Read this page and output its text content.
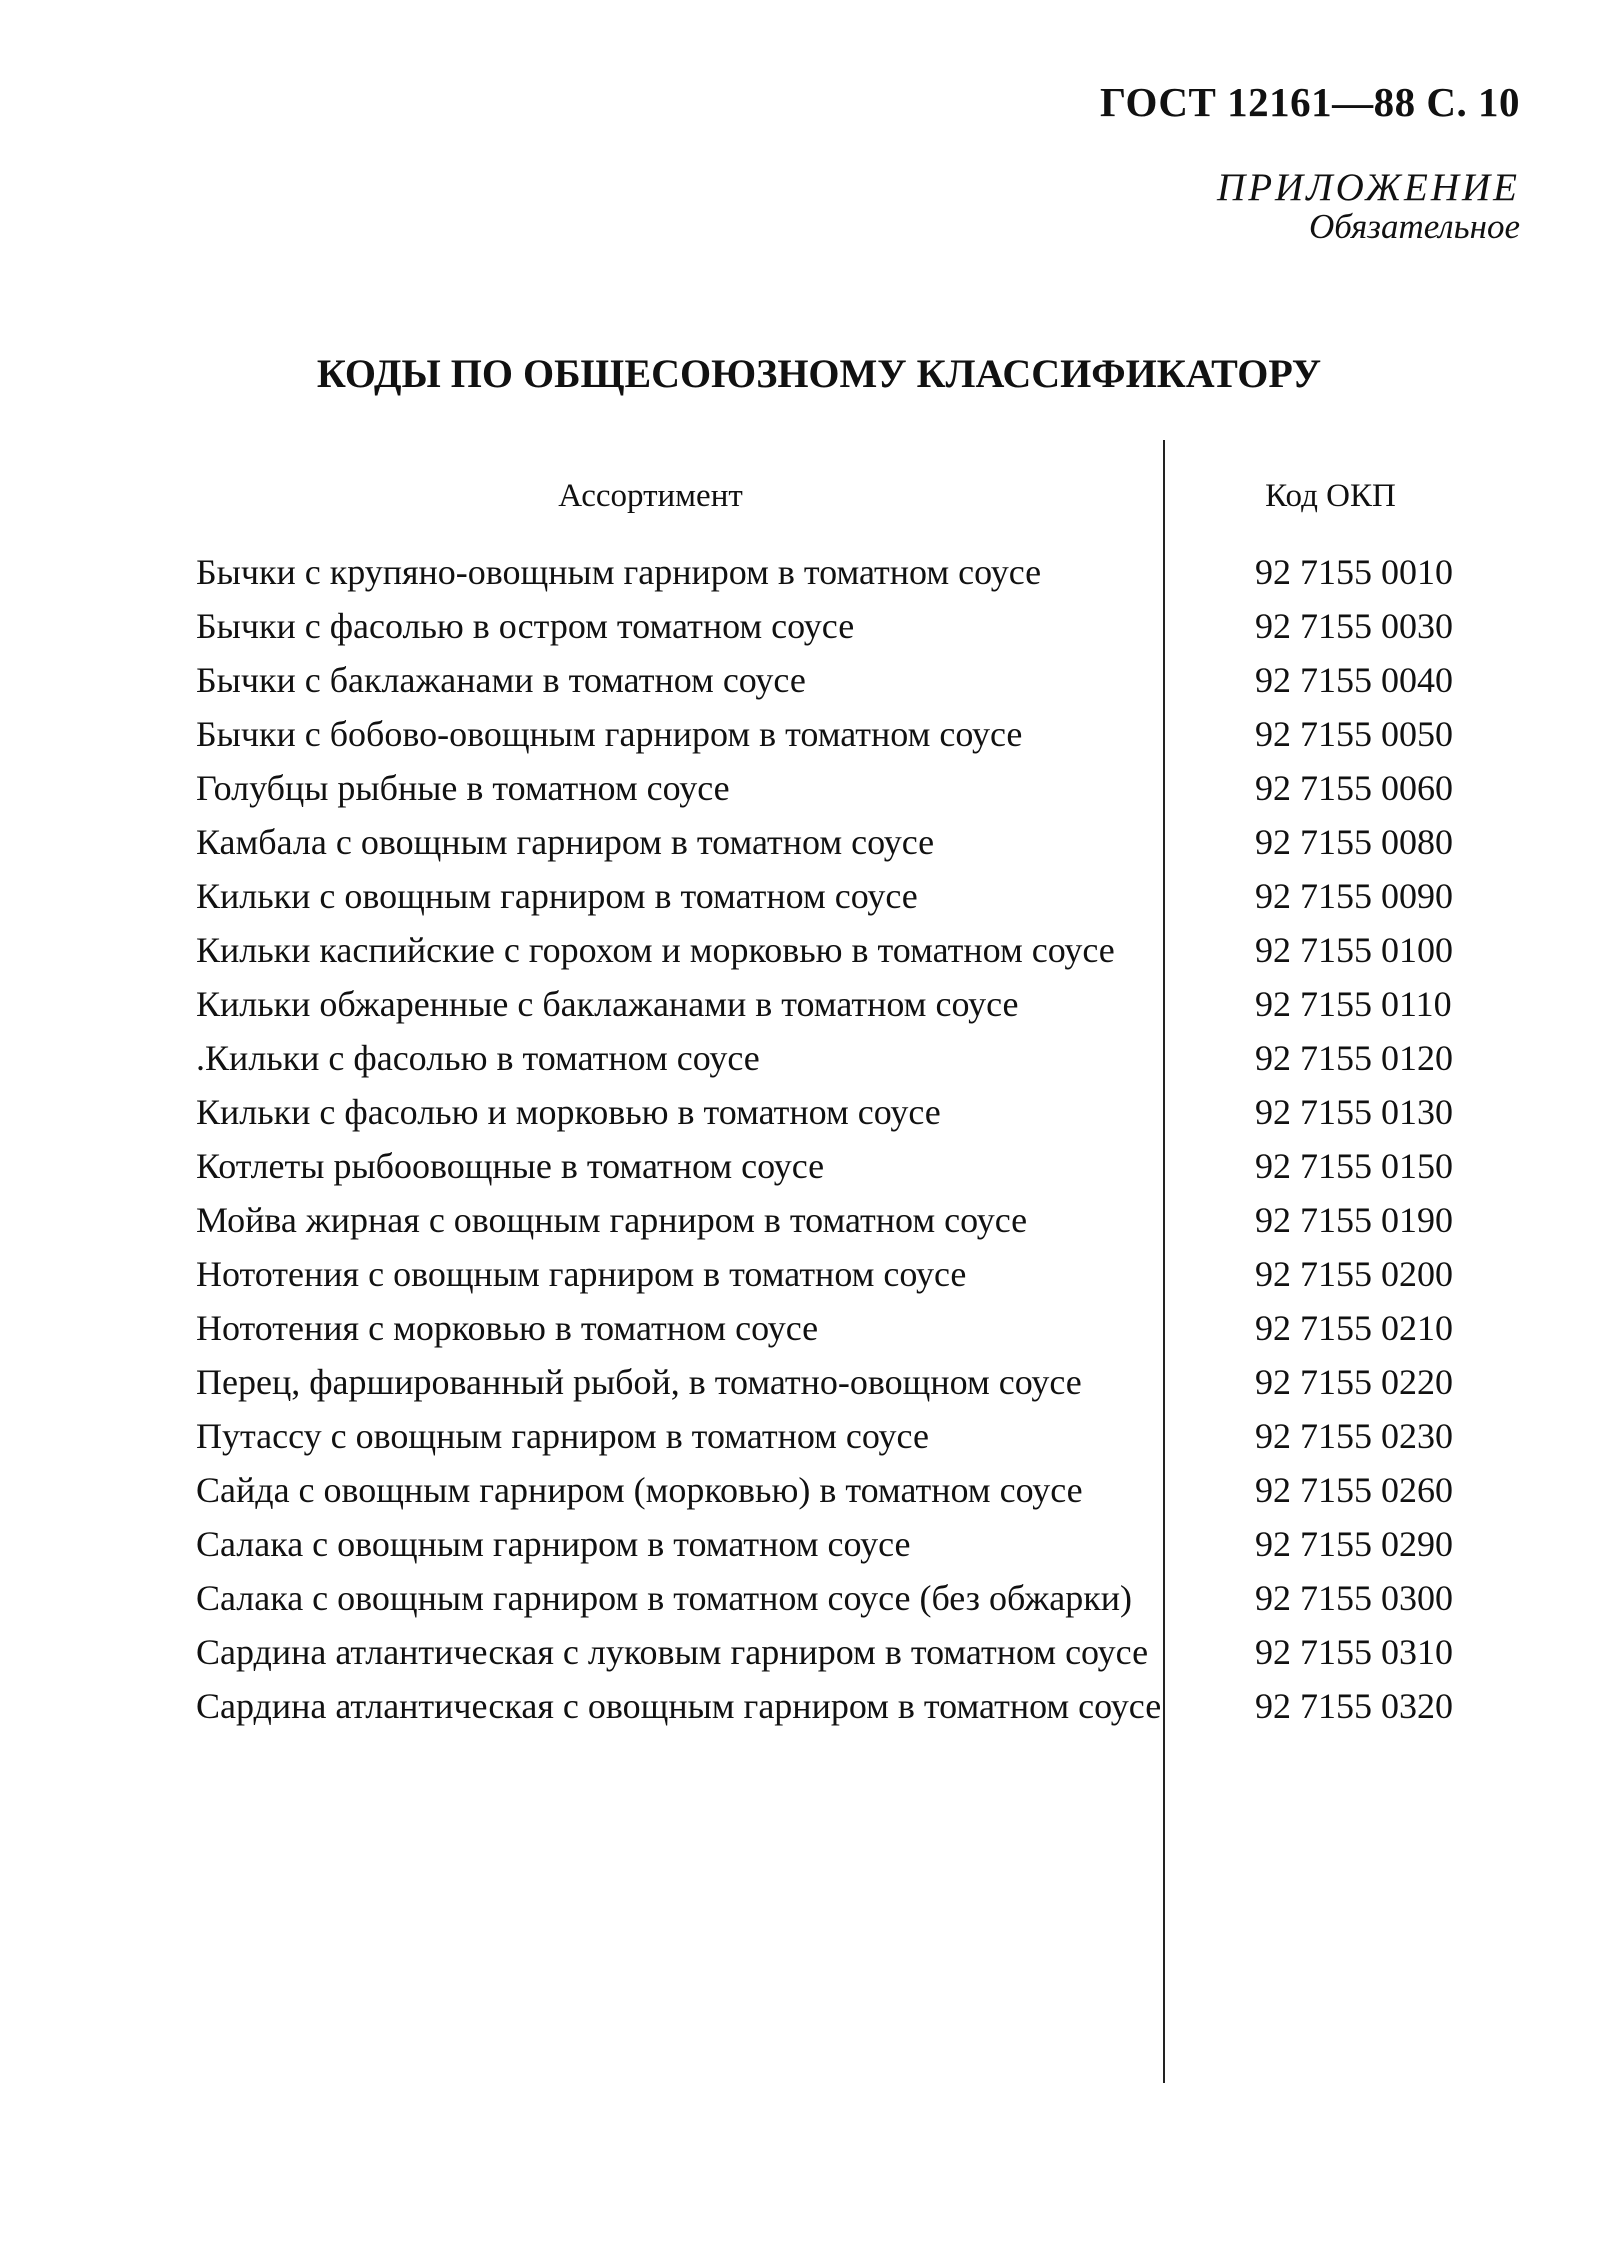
ГОСТ 12161—88 С. 10
ПРИЛОЖЕНИЕ
Обязательное
КОДЫ ПО ОБЩЕСОЮЗНОМУ КЛАССИФИКАТОРУ
Ассортимент	Код ОКП
Бычки с крупяно-овощным гарниром в томатном соусе	92 7155 0010
Бычки с фасолью в остром томатном соусе	92 7155 0030
Бычки с баклажанами в томатном соусе	92 7155 0040
Бычки с бобово-овощным гарниром в томатном соусе	92 7155 0050
Голубцы рыбные в томатном соусе	92 7155 0060
Камбала с овощным гарниром в томатном соусе	92 7155 0080
Кильки с овощным гарниром в томатном соусе	92 7155 0090
Кильки каспийские с горохом и морковью в томатном соусе	92 7155 0100
Кильки обжаренные с баклажанами в томатном соусе	92 7155 0110
.Кильки с фасолью в томатном соусе	92 7155 0120
Кильки с фасолью и морковью в томатном соусе	92 7155 0130
Котлеты рыбоовощные в томатном соусе	92 7155 0150
Мойва жирная с овощным гарниром в томатном соусе	92 7155 0190
Нототения с овощным гарниром в томатном соусе	92 7155 0200
Нототения с морковью в томатном соусе	92 7155 0210
Перец, фаршированный рыбой, в томатно-овощном соусе	92 7155 0220
Путассу с овощным гарниром в томатном соусе	92 7155 0230
Сайда с овощным гарниром (морковью) в томатном соусе	92 7155 0260
Салака с овощным гарниром в томатном соусе	92 7155 0290
Салака с овощным гарниром в томатном соусе (без обжарки)	92 7155 0300
Сардина атлантическая с луковым гарниром в томатном соусе	92 7155 0310
Сардина атлантическая с овощным гарниром в томатном соусе	92 7155 0320
